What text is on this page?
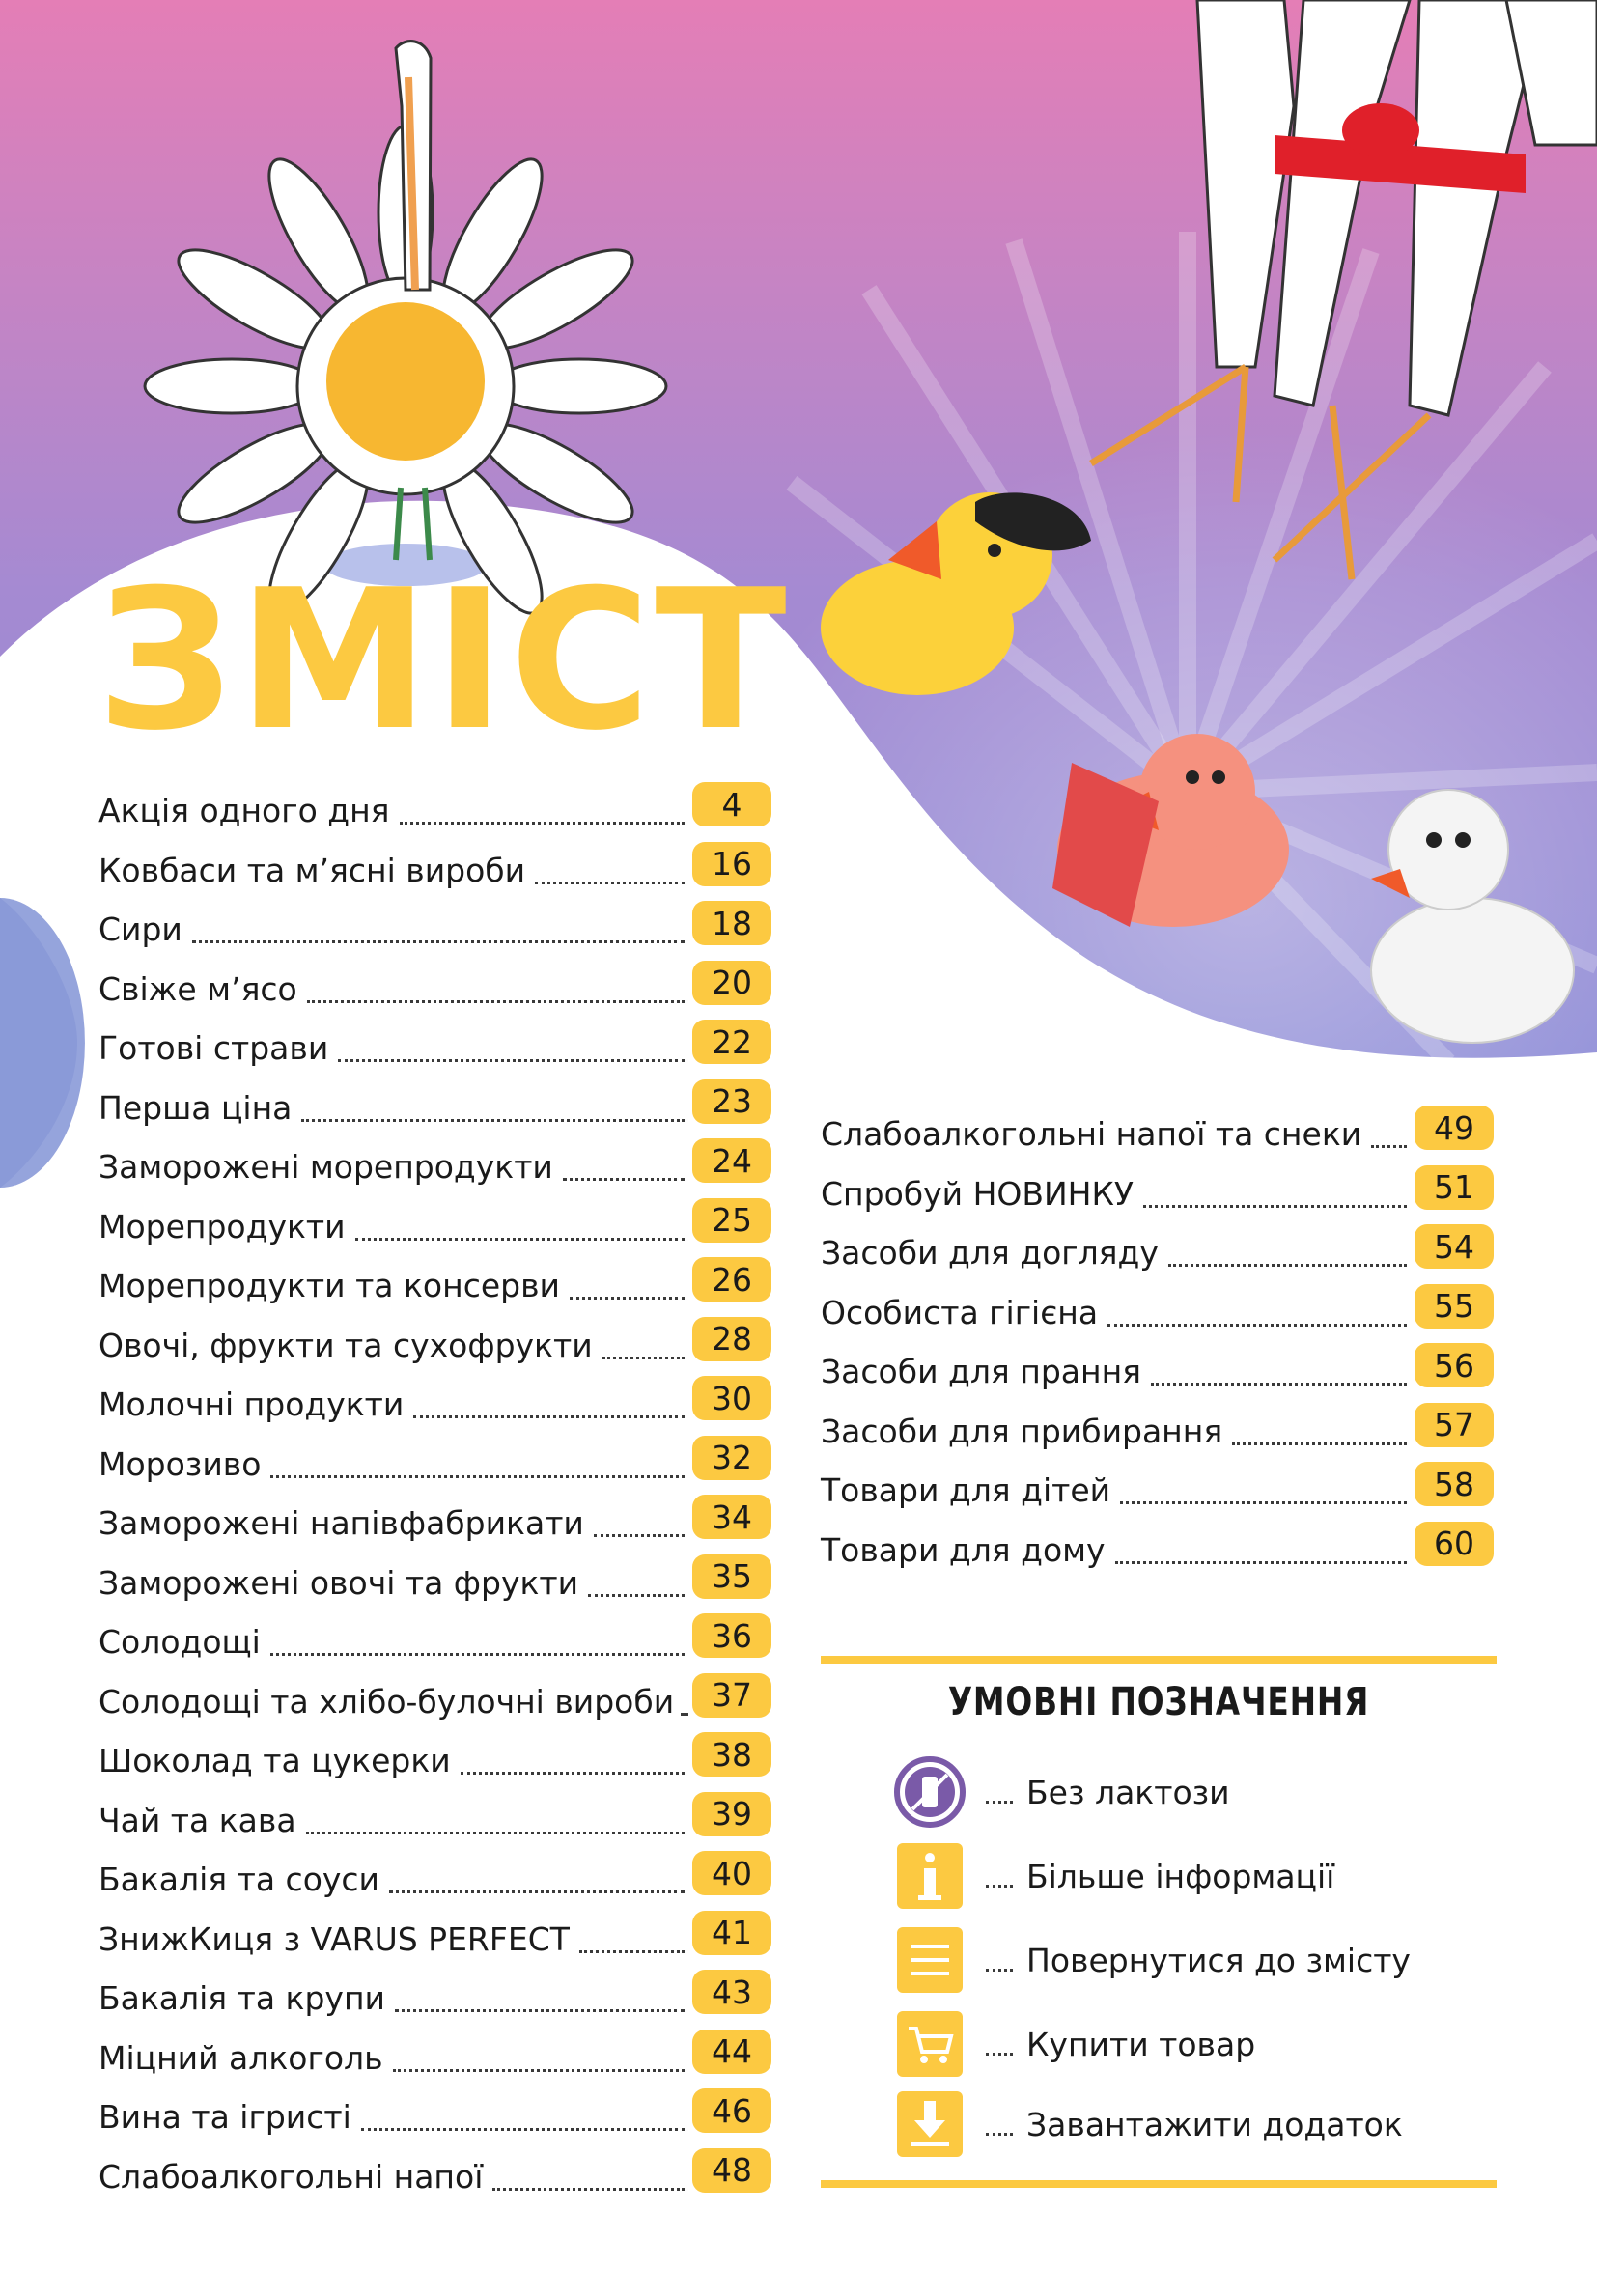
ЗМІСТ
Акція одного дня	4
Ковбаси та м’ясні вироби	16
Сири	18
Свіже м’ясо	20
Готові страви	22
Перша ціна	23
Заморожені морепродукти	24
Морепродукти	25
Морепродукти та консерви	26
Овочі, фрукти та сухофрукти	28
Молочні продукти	30
Морозиво	32
Заморожені напівфабрикати	34
Заморожені овочі та фрукти	35
Солодощі	36
Солодощі та хлібо-булочні вироби	37
Шоколад та цукерки	38
Чай та кава	39
Бакалія та соуси	40
ЗнижКиця з VARUS PERFECT	41
Бакалія та крупи	43
Міцний алкоголь	44
Вина та ігристі	46
Слабоалкогольні напої	48
Слабоалкогольні напої та снеки	49
Спробуй НОВИНКУ	51
Засоби для догляду	54
Особиста гігієна	55
Засоби для прання	56
Засоби для прибирання	57
Товари для дітей	58
Товари для дому	60
УМОВНІ ПОЗНАЧЕННЯ
Без лактози
Більше інформації
Повернутися до змісту
Купити товар
Завантажити додаток
